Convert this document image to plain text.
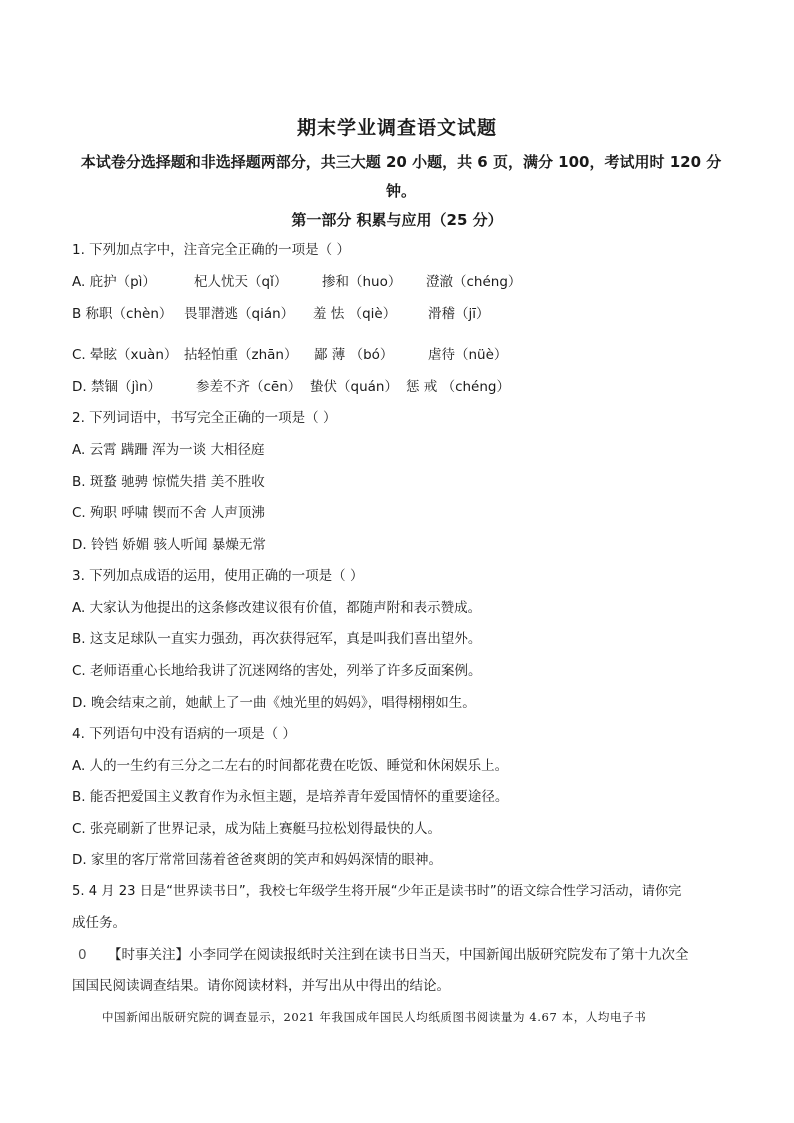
期末学业调查语文试题
本试卷分选择题和非选择题两部分，共三大题 20 小题，共 6 页，满分 100，考试用时 120 分钟。
第一部分 积累与应用（25 分）
1. 下列加点字中，注音完全正确的一项是（ ）
A. 庇护（pì）	杞人忧天（qǐ）	掺和（huo） 澄澈（chéng）
B 称职（chèn） 畏罪潜逃（qián） 羞 怯 （qiè） 滑稽（jī）
C. 晕眩（xuàn） 拈轻怕重（zhān） 鄙 薄 （bó）	虐待（nüè）
D. 禁锢（jìn）	参差不齐（cēn） 蛰伏（quán） 惩 戒 （chéng）
2. 下列词语中，书写完全正确的一项是（ ）
A. 云霄 蹒跚 浑为一谈 大相径庭
B. 斑蝥 驰骋 惊慌失措 美不胜收
C. 殉职 呼啸 锲而不舍 人声顶沸
D. 铃铛 娇媚 骇人听闻 暴燥无常
3. 下列加点成语的运用，使用正确的一项是（ ）
A. 大家认为他提出的这条修改建议很有价值，都随声附和表示赞成。
B. 这支足球队一直实力强劲，再次获得冠军，真是叫我们喜出望外。
C. 老师语重心长地给我讲了沉迷网络的害处，列举了许多反面案例。
D. 晚会结束之前，她献上了一曲《烛光里的妈妈》，唱得栩栩如生。
4. 下列语句中没有语病的一项是（ ）
A. 人的一生约有三分之二左右的时间都花费在吃饭、睡觉和休闲娱乐上。
B. 能否把爱国主义教育作为永恒主题，是培养青年爱国情怀的重要途径。
C. 张亮刷新了世界记录，成为陆上赛艇马拉松划得最快的人。
D. 家里的客厅常常回荡着爸爸爽朗的笑声和妈妈深情的眼神。
5. 4 月 23 日是“世界读书日”，我校七年级学生将开展“少年正是读书时”的语文综合性学习活动，请你完
成任务。
0 【时事关注】小李同学在阅读报纸时关注到在读书日当天，中国新闻出版研究院发布了第十九次全
国国民阅读调查结果。请你阅读材料，并写出从中得出的结论。
中国新闻出版研究院的调查显示，2021 年我国成年国民人均纸质图书阅读量为 4.67 本，人均电子书
